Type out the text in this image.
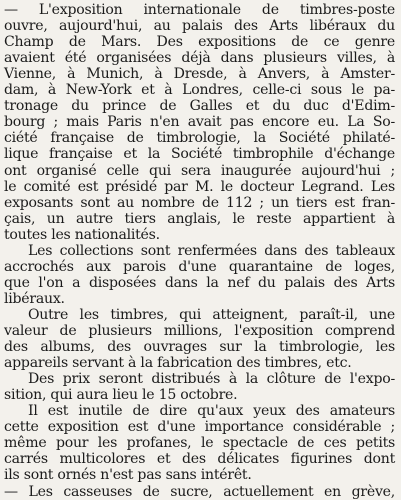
— L'exposition internationale de timbres-poste
ouvre, aujourd'hui, au palais des Arts libéraux du
Champ de Mars. Des expositions de ce genre
avaient été organisées déjà dans plusieurs villes, à
Vienne, à Munich, à Dresde, à Anvers, à Amster-
dam, à New-York et à Londres, celle-ci sous le pa-
tronage du prince de Galles et du duc d'Edim-
bourg ; mais Paris n'en avait pas encore eu. La So-
ciété française de timbrologie, la Société philaté-
lique française et la Société timbrophile d'échange
ont organisé celle qui sera inaugurée aujourd'hui ;
le comité est présidé par M. le docteur Legrand. Les
exposants sont au nombre de 112 ; un tiers est fran-
çais, un autre tiers anglais, le reste appartient à
toutes les nationalités.
Les collections sont renfermées dans des tableaux
accrochés aux parois d'une quarantaine de loges,
que l'on a disposées dans la nef du palais des Arts
libéraux.
Outre les timbres, qui atteignent, paraît-il, une
valeur de plusieurs millions, l'exposition comprend
des albums, des ouvrages sur la timbrologie, les
appareils servant à la fabrication des timbres, etc.
Des prix seront distribués à la clôture de l'expo-
sition, qui aura lieu le 15 octobre.
Il est inutile de dire qu'aux yeux des amateurs
cette exposition est d'une importance considérable ;
même pour les profanes, le spectacle de ces petits
carrés multicolores et des délicates figurines dont
ils sont ornés n'est pas sans intérêt.
— Les casseuses de sucre, actuellement en grève,
